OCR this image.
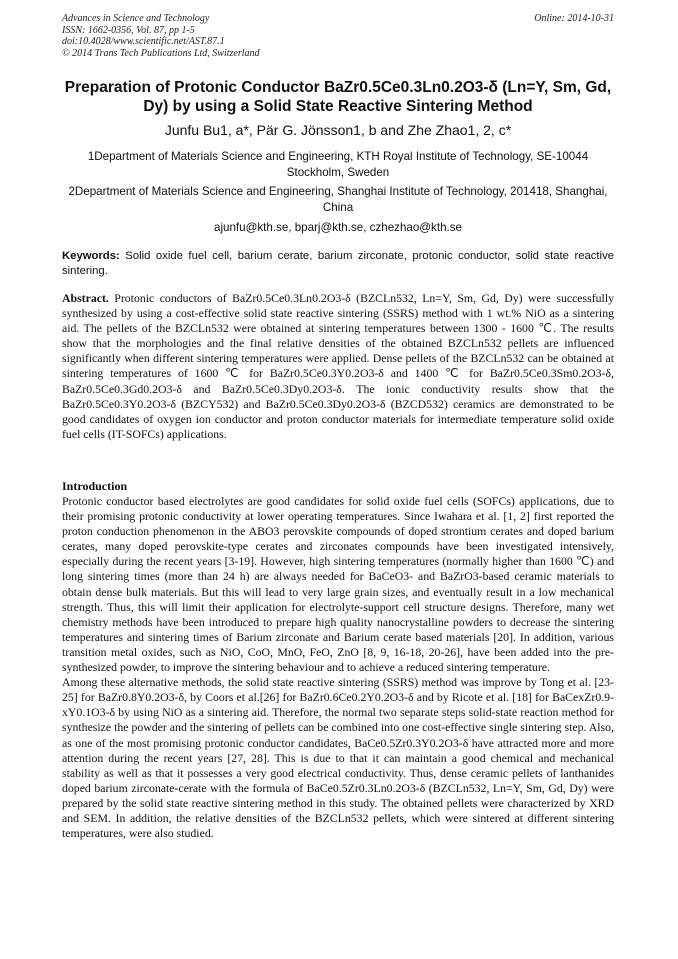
Advances in Science and Technology
ISSN: 1662-0356, Vol. 87, pp 1-5
doi:10.4028/www.scientific.net/AST.87.1
© 2014 Trans Tech Publications Ltd, Switzerland
Online: 2014-10-31
Preparation of Protonic Conductor BaZr0.5Ce0.3Ln0.2O3-δ (Ln=Y, Sm, Gd,
Dy) by using a Solid State Reactive Sintering Method
Junfu Bu1, a*, Pär G. Jönsson1, b and Zhe Zhao1, 2, c*
1Department of Materials Science and Engineering, KTH Royal Institute of Technology, SE-10044 Stockholm, Sweden
2Department of Materials Science and Engineering, Shanghai Institute of Technology, 201418, Shanghai, China
ajunfu@kth.se, bparj@kth.se, czhezhao@kth.se
Keywords: Solid oxide fuel cell, barium cerate, barium zirconate, protonic conductor, solid state reactive sintering.
Abstract. Protonic conductors of BaZr0.5Ce0.3Ln0.2O3-δ (BZCLn532, Ln=Y, Sm, Gd, Dy) were successfully synthesized by using a cost-effective solid state reactive sintering (SSRS) method with 1 wt.% NiO as a sintering aid. The pellets of the BZCLn532 were obtained at sintering temperatures between 1300 - 1600 ℃. The results show that the morphologies and the final relative densities of the obtained BZCLn532 pellets are influenced significantly when different sintering temperatures were applied. Dense pellets of the BZCLn532 can be obtained at sintering temperatures of 1600 ℃ for BaZr0.5Ce0.3Y0.2O3-δ and 1400 ℃ for BaZr0.5Ce0.3Sm0.2O3-δ, BaZr0.5Ce0.3Gd0.2O3-δ and BaZr0.5Ce0.3Dy0.2O3-δ. The ionic conductivity results show that the BaZr0.5Ce0.3Y0.2O3-δ (BZCY532) and BaZr0.5Ce0.3Dy0.2O3-δ (BZCD532) ceramics are demonstrated to be good candidates of oxygen ion conductor and proton conductor materials for intermediate temperature solid oxide fuel cells (IT-SOFCs) applications.
Introduction

Protonic conductor based electrolytes are good candidates for solid oxide fuel cells (SOFCs) applications, due to their promising protonic conductivity at lower operating temperatures. Since Iwahara et al. [1, 2] first reported the proton conduction phenomenon in the ABO3 perovskite compounds of doped strontium cerates and doped barium cerates, many doped perovskite-type cerates and zirconates compounds have been investigated intensively, especially during the recent years [3-19]. However, high sintering temperatures (normally higher than 1600 ℃) and long sintering times (more than 24 h) are always needed for BaCeO3- and BaZrO3-based ceramic materials to obtain dense bulk materials. But this will lead to very large grain sizes, and eventually result in a low mechanical strength. Thus, this will limit their application for electrolyte-support cell structure designs. Therefore, many wet chemistry methods have been introduced to prepare high quality nanocrystalline powders to decrease the sintering temperatures and sintering times of Barium zirconate and Barium cerate based materials [20]. In addition, various transition metal oxides, such as NiO, CoO, MnO, FeO, ZnO [8, 9, 16-18, 20-26], have been added into the pre-synthesized powder, to improve the sintering behaviour and to achieve a reduced sintering temperature.

Among these alternative methods, the solid state reactive sintering (SSRS) method was improve by Tong et al. [23-25] for BaZr0.8Y0.2O3-δ, by Coors et al.[26] for BaZr0.6Ce0.2Y0.2O3-δ and by Ricote et al. [18] for BaCexZr0.9-xY0.1O3-δ by using NiO as a sintering aid. Therefore, the normal two separate steps solid-state reaction method for synthesize the powder and the sintering of pellets can be combined into one cost-effective single sintering step. Also, as one of the most promising protonic conductor candidates, BaCe0.5Zr0.3Y0.2O3-δ have attracted more and more attention during the recent years [27, 28]. This is due to that it can maintain a good chemical and mechanical stability as well as that it possesses a very good electrical conductivity. Thus, dense ceramic pellets of lanthanides doped barium zirconate-cerate with the formula of BaCe0.5Zr0.3Ln0.2O3-δ (BZCLn532, Ln=Y, Sm, Gd, Dy) were prepared by the solid state reactive sintering method in this study. The obtained pellets were characterized by XRD and SEM. In addition, the relative densities of the BZCLn532 pellets, which were sintered at different sintering temperatures, were also studied.
